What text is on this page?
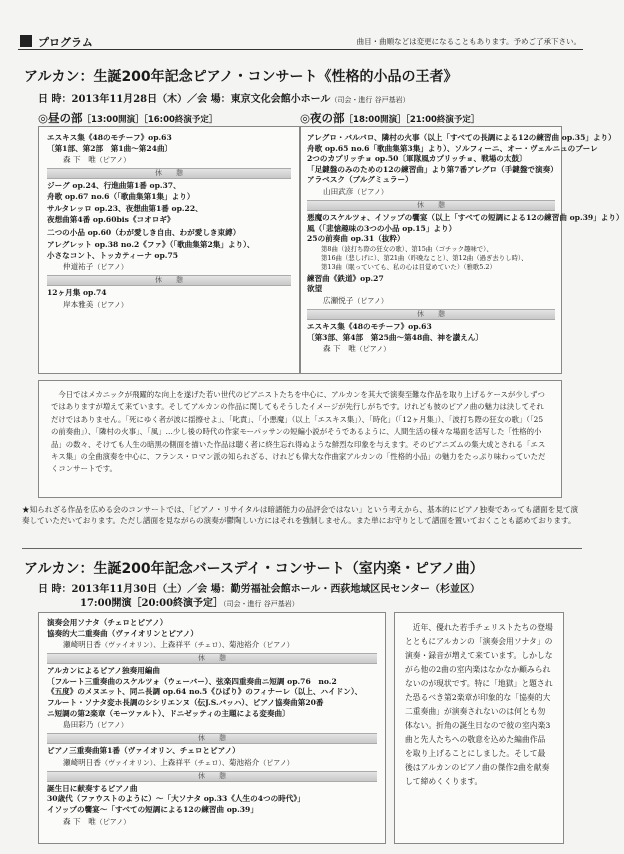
プログラム	曲目・曲順などは変更になることもあります。予めご了承下さい。
アルカン：生誕200年記念ピアノ・コンサート《性格的小品の王者》
日 時：2013年11月28日（木）／会 場：東京文化会館小ホール（司会・進行 谷戸基岩）
◎昼の部［13:00開演］［16:00終演予定］	◎夜の部［18:00開演］［21:00終演予定］
エスキス集《48のモチーフ》op.63
〔第1部、第2部　第1曲〜第24曲〕
森 下　唯（ピアノ）
休　　憩
ジーグ op.24、行進曲第1番 op.37、
舟歌 op.67 no.6（「歌曲集第1集」より）
サルタレッロ op.23、夜想曲第1番 op.22、
夜想曲第4番 op.60bis《コオロギ》
二つの小品 op.60（わが愛しき自由、わが愛しき束縛）
アレグレット op.38 no.2《ファ》（「歌曲集第2集」より）、
小さなコント、トッカティーナ op.75
仲道祐子（ピアノ）
休　　憩
12ヶ月集 op.74
岸本雅美（ピアノ）
アレグロ・バルバロ、隣村の火事（以上「すべての長調による12の練習曲 op.35」より）
舟歌 op.65 no.6「歌曲集第3集」より）、ソルフィーニ、オー・ヴェルニュのブーレ
2つのカプリッチョ op.50〔軍隊風カプリッチョ、戦場の太鼓〕
「足鍵盤のみのための12の練習曲」より第7番アレグロ（手鍵盤で演奏）
アラベスク（ブルグミュラー）
山田武彦（ピアノ）
休　　憩
悪魔のスケルツォ、イソップの饗宴（以上「すべての短調による12の練習曲 op.39」より）
風（「悲愴趣味の3つの小品 op.15」より）
25の前奏曲 op.31（抜粋）
第8曲（波打ち際の狂女の歌）、第15曲（ゴチック趣味で）、
第16曲（悲しげに）、第21曲（昨晩なこと）、第12曲（過ぎ去りし時）、
第13曲（眠っていても、私の心は目覚めていた）（雅歌5.2）
練習曲《鉄道》op.27
欲望
広瀬悦子（ピアノ）
休　　憩
エスキス集《48のモチーフ》op.63
〔第3部、第4部　第25曲〜第48曲、神を讃えん〕
森 下　唯（ピアノ）

今日ではメカニックが飛躍的な向上を遂げた若い世代のピアニストたちを中心に、アルカンを其大で演奏至難な作品を取り上げるケースが少しずつではありますが増えて来ています。そしてアルカンの作品に関してもそうしたイメージが先行しがちです。けれども彼のピアノ曲の魅力は決してそれだけではありません。「死にゆく者が波に揺擦せよ」、「叱責」、「小悪魔」（以上「エスキス集」）、「時化」（「12ヶ月集」）、「波打ち際の狂女の歌」（「25の前奏曲」）、「隣村の火事」、「風」…少し後の時代の作家モーパッサンの短編小説がそうであるように、人間生活の様々な場面を活写した「性格的小品」の数々、そけても人生の暗黒の側面を描いた作品は聴く者に終生忘れ得ぬような鮮烈な印象を与えます。そのピアニズムの集大成とされる「エスキス集」の全曲演奏を中心に、フランス・ロマン派の知られざる、けれども偉大な作曲家アルカンの「性格的小品」の魅力をたっぷり味わっていただくコンサートです。

★知られざる作品を広める会のコンサートでは、「ピアノ・リサイタルは暗譜能力の品評会ではない」という考えから、基本的にピアノ独奏であっても譜面を見て演奏していただいております。ただし譜面を見ながらの演奏が鬱陶しい方にはそれを強制しません。また単にお守りとして譜面を置いておくことも認めております。
アルカン：生誕200年記念バースデイ・コンサート（室内楽・ピアノ曲）
日 時：2013年11月30日（土）／会 場：勤労福祉会館ホール・西荻地域区民センター（杉並区）
17:00開演［20:00終演予定］（司会・進行 谷戸基岩）
演奏会用ソナタ（チェロとピアノ）
協奏的大二重奏曲（ヴァイオリンとピアノ）
瀬崎明日香（ヴァイオリン）、上森祥平（チェロ）、菊池裕介（ピアノ）
休　　憩
アルカンによるピアノ独奏用編曲
〔フルート三重奏曲のスケルツォ（ウェーバー）、弦楽四重奏曲ニ短調 op.76　no.2
《五度》のメヌエット、同ニ長調 op.64 no.5《ひばり》のフィナーレ（以上、ハイドン）、
フルート・ソナタ変ホ長調のシシリエンヌ（伝J.S.バッハ）、ピアノ協奏曲第20番
ニ短調の第2楽章（モーツァルト）、ドニゼッティの主題による変奏曲〕
島田彩乃（ピアノ）
休　　憩
ピアノ三重奏曲第1番（ヴァイオリン、チェロとピアノ）
瀬崎明日香（ヴァイオリン）、上森祥平（チェロ）、菊池裕介（ピアノ）
休　　憩
誕生日に献奏するピアノ曲
30歳代（ファウストのように）〜「大ソナタ op.33《人生の4つの時代》」
イソップの饗宴〜「すべての短調による12の練習曲 op.39」
森 下　唯（ピアノ）
近年、優れた若手チェリストたちの登場とともにアルカンの「演奏会用ソナタ」の演奏・録音が増えて来ています。しかしながら他の2曲の室内楽はなかなか顧みられないのが現状です。特に「地獄」と題された恐るべき第2楽章が印象的な「協奏的大二重奏曲」が演奏されないのは何とも勿体ない。折角の誕生日なので彼の室内楽3曲と先人たちへの敬意を込めた編曲作品を取り上げることにしました。そして最後はアルカンのピアノ曲の傑作2曲を献奏して締めくくります。
